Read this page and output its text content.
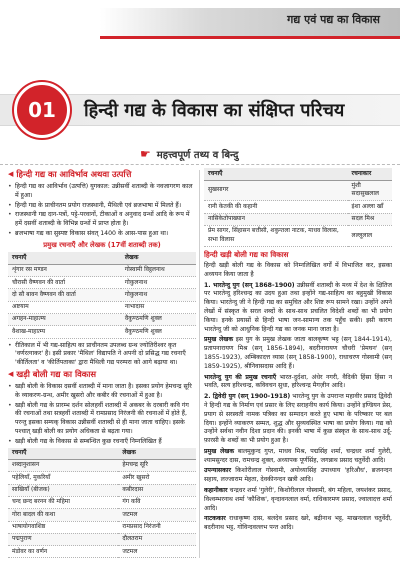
गद्य एवं पद्य का विकास
01	हिन्दी गद्य के विकास का संक्षिप्त परिचय
☛ महत्त्वपूर्ण तथ्य व बिन्दु
◀ हिन्दी गद्य का आविर्भाव अथवा उत्पत्ति
• हिन्दी गद्य का आविर्भाव (उत्पत्ति) युगकाल: उन्नीसवीं शताब्दी के नवजागरण काल में हुआ।
• हिन्दी गद्य के प्राचीनतम प्रयोग राजस्थानी, मैथिली एवं ब्रजभाषा में मिलते हैं।
• राजस्थानी गद्य दान-पत्रों, पट्टे-परवानों, टीकाओं व अनुवाद ग्रन्थों आदि के रूप में हमें दसवीं शताब्दी के विभिन्न ग्रन्थों में प्राप्त होता है।
• ब्रजभाषा गद्य का सुस्पष्ट विकास संवत् 1400 के आस-पास हुआ था।
प्रमुख रचनाएँ और लेखक (17वीं शताब्दी तक)
रचनाएँ	लेखक
शृंगार रस मण्डन	गोस्वामी विट्ठलनाथ
चौरासी वैष्णवन की वार्ता	गोकुलनाथ
दो सौ बावन वैष्णवन की वार्ता	गोकुलनाथ
अष्टयाम	नाभादास
अगहन-माहात्म्य	वैकुण्ठमणि शुक्ल
वैशाख-माहात्म्य	वैकुण्ठमणि शुक्ल
• रीतिकाल में भी गद्य-साहित्य का प्राचीनतम उपलब्ध ग्रन्थ ज्योतिरीश्वर कृत 'वर्णरत्नाकर' है। इसी प्रकार 'मैथिल' विद्यापति ने अपनी दो प्रसिद्ध गद्य रचनाएँ 'कीर्तिलता' व 'कीर्तिपताका' द्वारा मैथिली गद्य परम्परा को आगे बढ़ाया था।
◀ खड़ी बोली गद्य का विकास
• खड़ी बोली के विकास दसवीं शताब्दी में माना जाता है। इसका प्रयोग हेमचन्द्र सूरि के व्याकरण-ग्रन्थ, अमीर खुसरो और कबीर की रचनाओं में हुआ है।
• खड़ी बोली गद्य के प्रारम्भ दर्शन सोलहवीं शताब्दी में अकबर के दरबारी कवि गंग की रचनाओं तथा सत्रहवीं शताब्दी में रामप्रसाद निरंजनी की रचनाओं में होते हैं, परन्तु इसका सम्यक् विकास उन्नीसवीं शताब्दी से ही माना जाता चाहिए। इसके पश्चात् खड़ी बोली का प्रयोग अधिकता से बढ़ता गया।
• खड़ी बोली गद्य के विकास से सम्बन्धित कुछ रचनाएँ निम्नलिखित हैं
रचनाएँ	लेखक
शब्दानुशासन	हेमचन्द्र सूरि
पहेलियाँ, मुकरियाँ	अमीर खुसरो
साखियाँ (बीजक)	कबीरदास
चन्द छन्द बरनन की महिमा	गंग कवि
गोरा बादल की कथा	जटमल
भाषायोगवाशिष्ठ	रामप्रसाद निरंजनी
पद्मपुराण	दौलतराम
मंडोवर का वर्णन	जटमल
रचनाएँ	रचनाकार
सुखसागर	मुंशी सदासुखलाल
रानी केतकी की कहानी	इंशा अल्ला खाँ
नासिकेतोपाख्यान	सदल मिश्र
प्रेम सागर, सिंहासन बत्तीसी, शकुन्तला नाटक, माधव विलास, सभा विलास	लल्लूलाल
हिन्दी खड़ी बोली गद्य का विकास

हिन्दी खड़ी बोली गद्य के विकास को निम्नलिखित वर्गों में विभाजित कर, इसका अध्ययन किया जाता है

1. भारतेन्दु युग (सन् 1868-1900) उन्नीसवीं शताब्दी के मध्य में देश के क्षितिज पर भारतेन्दु हरिश्चन्द्र का उदय हुआ तथा इन्होंने गद्य-साहित्य का बहुमुखी विकास किया। भारतेन्दु जी ने हिन्दी गद्य का समुचित और शिष्ट रूप सामने रखा। उन्होंने अपने लेखों में संस्कृत के सरल शब्दों के साथ-साथ प्रचलित विदेशी शब्दों का भी प्रयोग किया। इनके प्रयासों से हिन्दी भाषा जन-सामान्य तक पहुँच सकी। इसी कारण भारतेन्दु जी को आधुनिक हिन्दी गद्य का जनक माना जाता है।

प्रमुख लेखक इस युग के प्रमुख लेखक जाता बालकृष्ण भट्ट (सन् 1844-1914), प्रतापनारायण मिश्र (सन् 1856-1894), बदरीनारायण चौधरी 'प्रेमघन' (सन् 1855-1923), अम्बिकादत्त व्यास (सन् 1858-1900), राधाचरण गोस्वामी (सन् 1859-1925), श्रीनिवासदास आदि हैं।

भारतेन्दु युग की प्रमुख रचनाएँ भारत-दुर्दशा, अंधेर नगरी, वैदिकी हिंसा हिंसा न भवति, सत्य हरिश्चन्द्र, कविवचन सुधा, हरिश्चन्द्र मैगज़ीन आदि।

2. द्विवेदी युग (सन् 1900-1918) भारतेन्दु युग के उपरान्त महावीर प्रसाद द्विवेदी ने हिन्दी गद्य के निर्माण एवं प्रसार के लिए सराहनीय कार्य किया। उन्होंने इण्डियन प्रेस, प्रयाग से सरस्वती नामक पत्रिका का सम्पादन करते हुए भाषा के परिष्कार पर बल दिया। इन्होंने व्याकरण सम्मत, शुद्ध और सुव्यवस्थित भाषा का प्रयोग किया। गद्य को उन्होंने सर्वथा नवीन दिशा प्रदान की। इनकी भाषा में कुछ संस्कृत के साथ-साथ उर्दू-फ़ारसी के शब्दों का भी प्रयोग हुआ है।

प्रमुख लेखक बालमुकुन्द गुप्त, माधव मिश्र, पद्मसिंह शर्मा, चन्द्रधर शर्मा गुलेरी, श्यामसुन्दर दास, रामचन्द्र शुक्ल, अध्यापक पूर्णसिंह, जगन्नाथ प्रसाद चतुर्वेदी आदि।

उपन्यासकार किशोरीलाल गोस्वामी, अयोध्यासिंह उपाध्याय 'हरिऔध', ब्रजनन्दन सहाय, लज्जाराम मेहता, देवकीनन्दन खत्री आदि।

कहानीकार चन्द्रधर शर्मा 'गुलेरी', किशोरीलाल गोस्वामी, बंग महिला, जयशंकर प्रसाद, विश्वम्भरनाथ शर्मा 'कौशिक', वृन्दावनलाल वर्मा, राधिकारमण प्रसाद, ज्वालादत्त शर्मा आदि।

नाटककार राधाकृष्ण दास, बलदेव प्रसाद खरे, बद्रीनाथ भट्ट, माखनलाल चतुर्वेदी, बदरीनाथ भट्ट, गोविन्दवल्लभ पन्त आदि।
